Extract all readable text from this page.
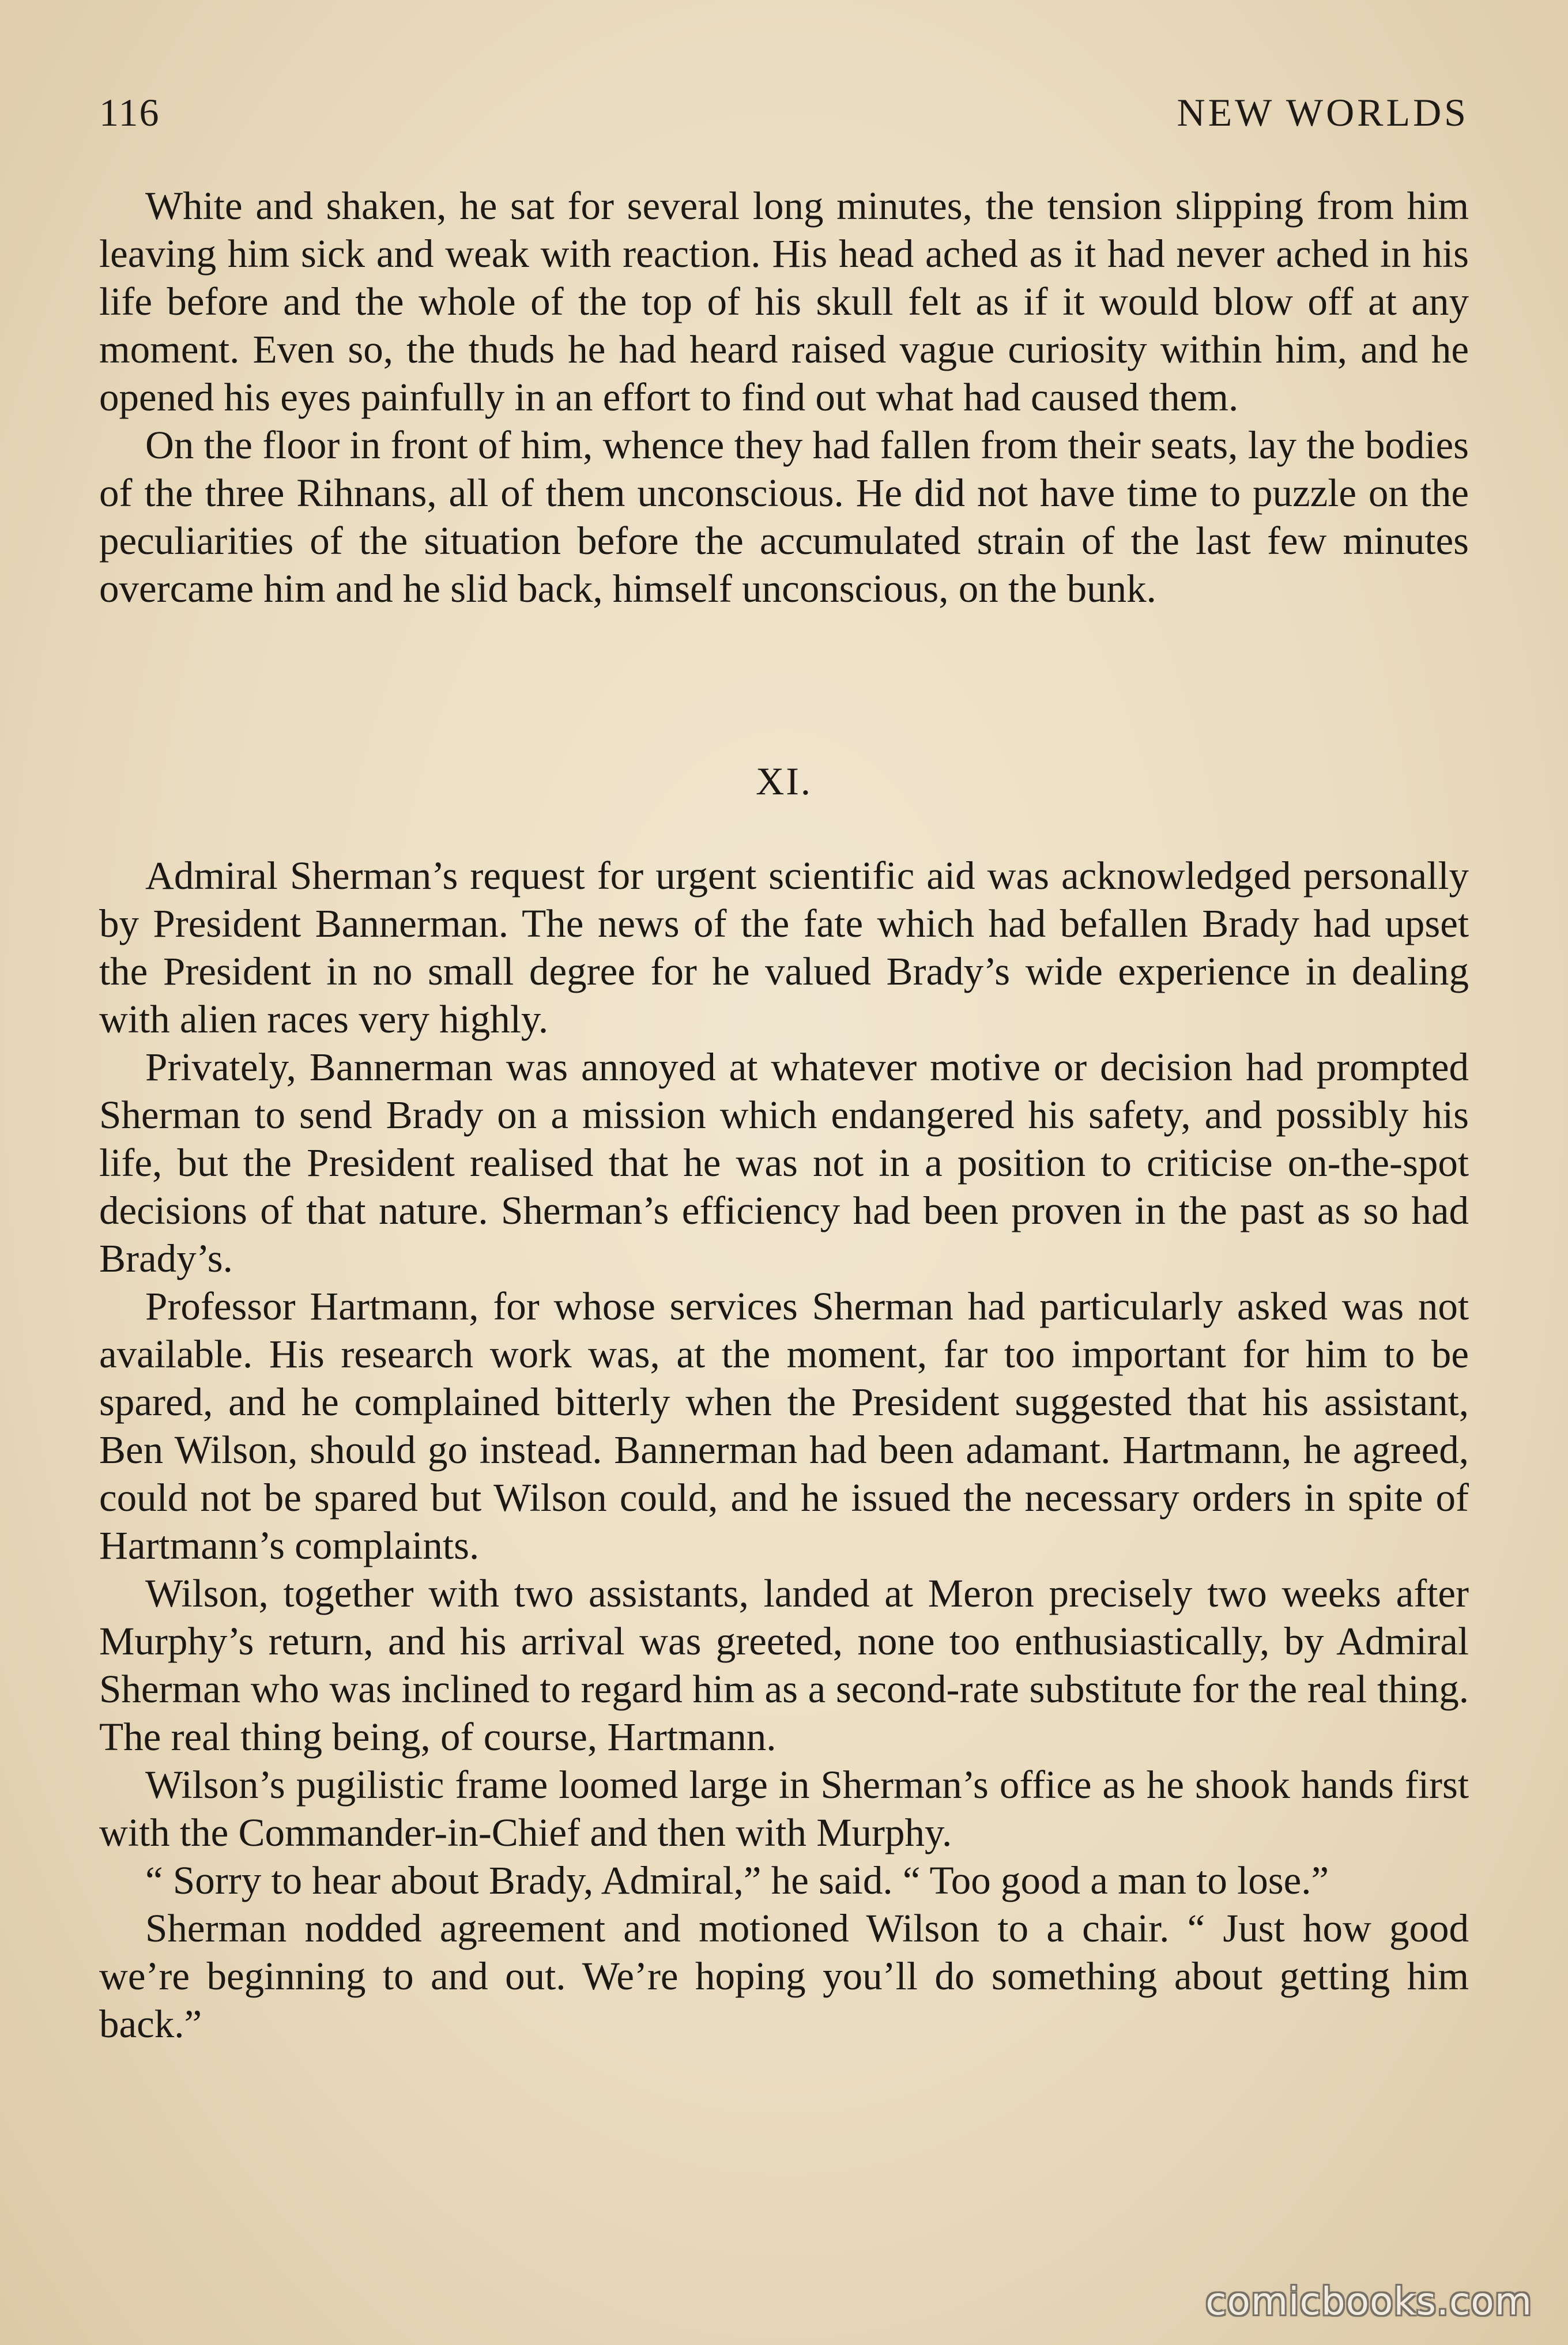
116	NEW WORLDS

White and shaken, he sat for several long minutes, the tension slipping from him leaving him sick and weak with reaction. His head ached as it had never ached in his life before and the whole of the top of his skull felt as if it would blow off at any moment. Even so, the thuds he had heard raised vague curiosity within him, and he opened his eyes painfully in an effort to find out what had caused them.

On the floor in front of him, whence they had fallen from their seats, lay the bodies of the three Rihnans, all of them unconscious. He did not have time to puzzle on the peculiarities of the situation before the accumulated strain of the last few minutes overcame him and he slid back, himself unconscious, on the bunk.

XI.

Admiral Sherman’s request for urgent scientific aid was acknowledged personally by President Bannerman. The news of the fate which had befallen Brady had upset the President in no small degree for he valued Brady’s wide experience in dealing with alien races very highly.

Privately, Bannerman was annoyed at whatever motive or decision had prompted Sherman to send Brady on a mission which endangered his safety, and possibly his life, but the President realised that he was not in a position to criticise on-the-spot decisions of that nature. Sherman’s efficiency had been proven in the past as so had Brady’s.

Professor Hartmann, for whose services Sherman had particularly asked was not available. His research work was, at the moment, far too important for him to be spared, and he complained bitterly when the President suggested that his assistant, Ben Wilson, should go instead. Bannerman had been adamant. Hartmann, he agreed, could not be spared but Wilson could, and he issued the necessary orders in spite of Hartmann’s complaints.

Wilson, together with two assistants, landed at Meron precisely two weeks after Murphy’s return, and his arrival was greeted, none too enthusiastically, by Admiral Sherman who was inclined to regard him as a second-rate substitute for the real thing. The real thing being, of course, Hartmann.

Wilson’s pugilistic frame loomed large in Sherman’s office as he shook hands first with the Commander-in-Chief and then with Murphy.

“ Sorry to hear about Brady, Admiral,” he said. “ Too good a man to lose.”

Sherman nodded agreement and motioned Wilson to a chair. “ Just how good we’re beginning to and out. We’re hoping you’ll do something about getting him back.”

comicbooks.com
